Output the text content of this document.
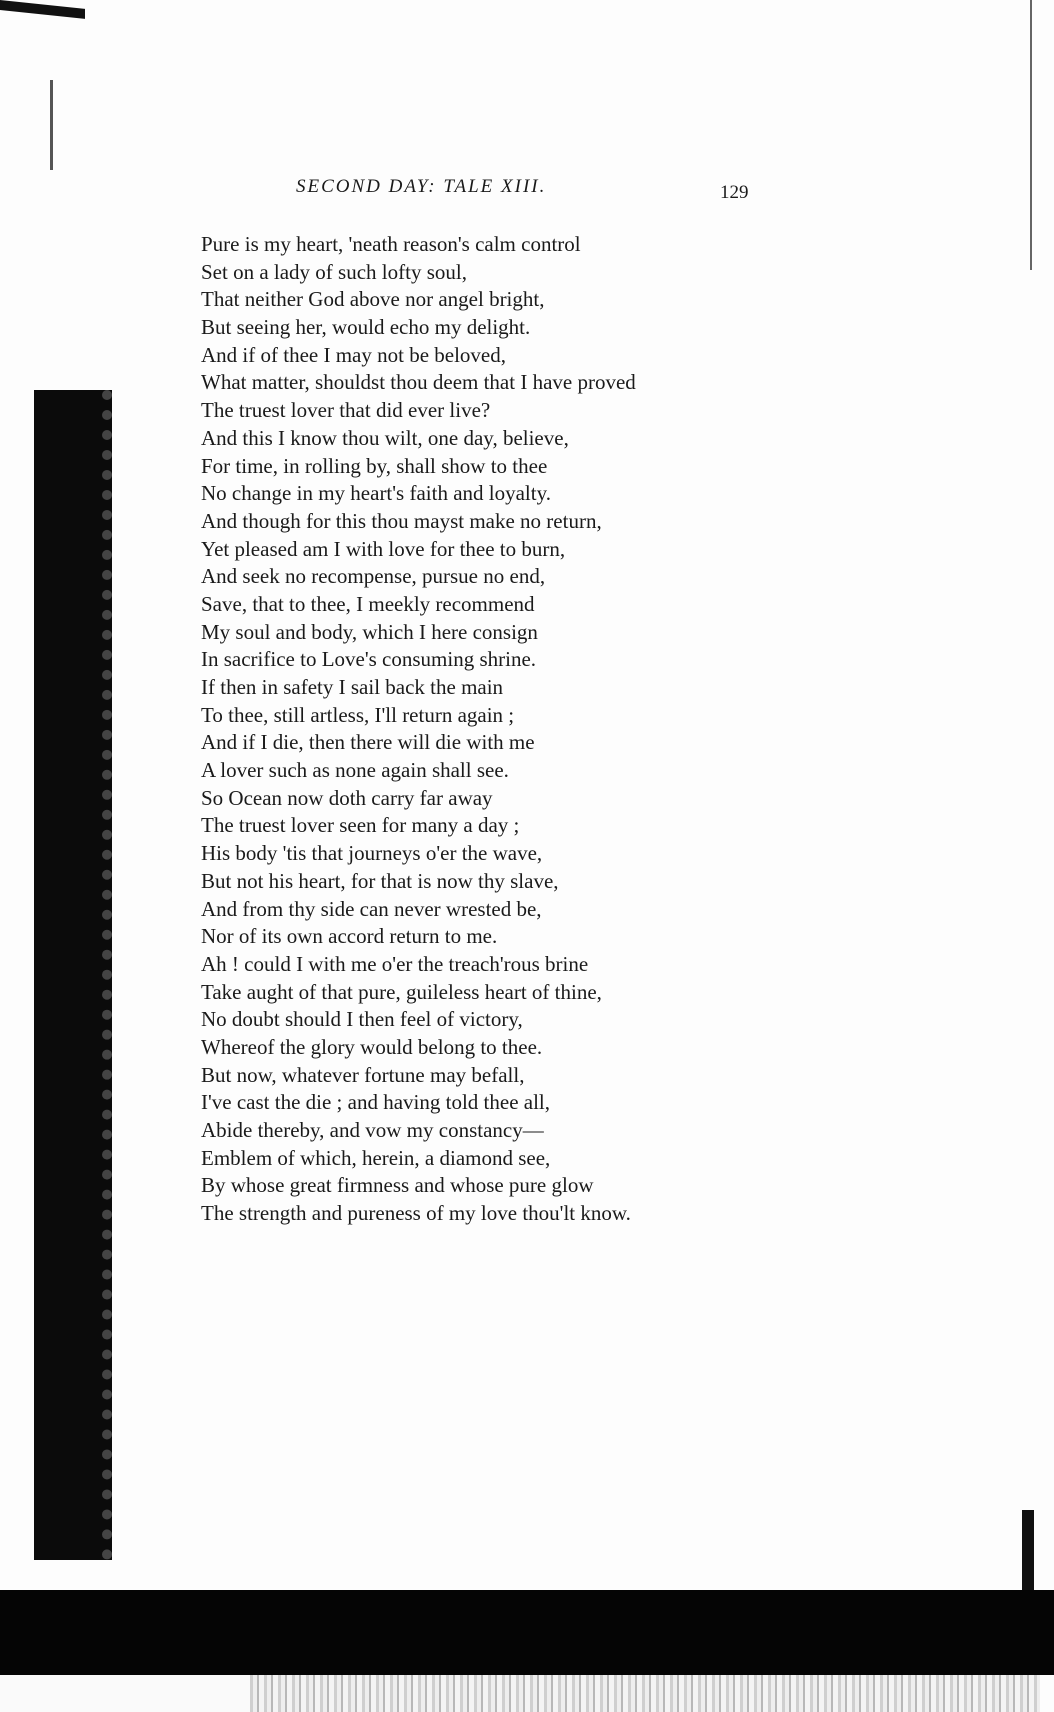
SECOND DAY: TALE XIII.	129
Pure is my heart, 'neath reason's calm control
Set on a lady of such lofty soul,
That neither God above nor angel bright,
But seeing her, would echo my delight.
And if of thee I may not be beloved,
What matter, shouldst thou deem that I have proved
The truest lover that did ever live?
And this I know thou wilt, one day, believe,
For time, in rolling by, shall show to thee
No change in my heart's faith and loyalty.
And though for this thou mayst make no return,
Yet pleased am I with love for thee to burn,
And seek no recompense, pursue no end,
Save, that to thee, I meekly recommend
My soul and body, which I here consign
In sacrifice to Love's consuming shrine.
If then in safety I sail back the main
To thee, still artless, I'll return again ;
And if I die, then there will die with me
A lover such as none again shall see.
So Ocean now doth carry far away
The truest lover seen for many a day ;
His body 'tis that journeys o'er the wave,
But not his heart, for that is now thy slave,
And from thy side can never wrested be,
Nor of its own accord return to me.
Ah ! could I with me o'er the treach'rous brine
Take aught of that pure, guileless heart of thine,
No doubt should I then feel of victory,
Whereof the glory would belong to thee.
But now, whatever fortune may befall,
I've cast the die ; and having told thee all,
Abide thereby, and vow my constancy—
Emblem of which, herein, a diamond see,
By whose great firmness and whose pure glow
The strength and pureness of my love thou'lt know.
